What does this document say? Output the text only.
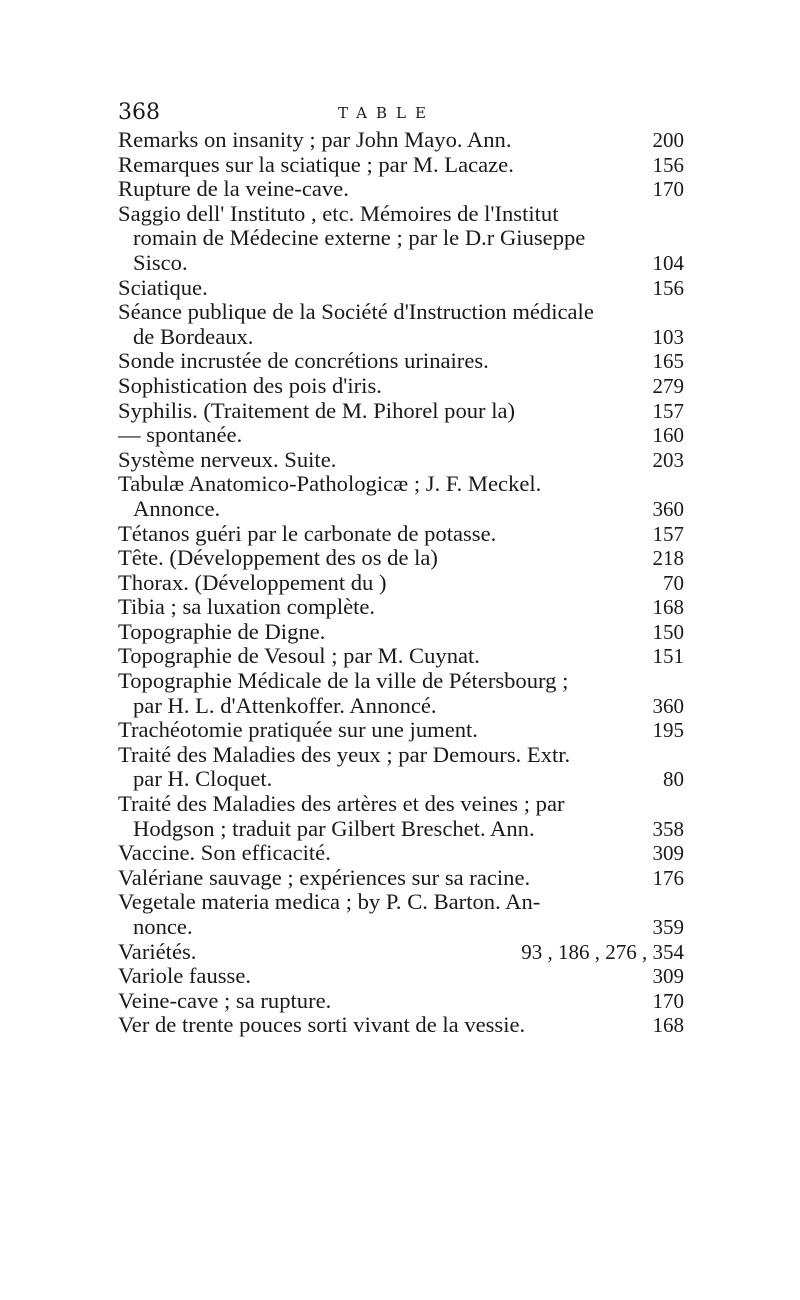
368	TABLE
Remarks on insanity ; par John Mayo. Ann.	200
Remarques sur la sciatique ; par M. Lacaze.	156
Rupture de la veine-cave.	170
Saggio dell' Instituto , etc. Mémoires de l'Institut
romain de Médecine externe ; par le D.r Giuseppe
Sisco.	104
Sciatique.	156
Séance publique de la Société d'Instruction médicale
de Bordeaux.	103
Sonde incrustée de concrétions urinaires.	165
Sophistication des pois d'iris.	279
Syphilis. (Traitement de M. Pihorel pour la)	157
— spontanée.	160
Système nerveux. Suite.	203
Tabulæ Anatomico-Pathologicæ ; J. F. Meckel.
Annonce.	360
Tétanos guéri par le carbonate de potasse.	157
Tête. (Développement des os de la)	218
Thorax. (Développement du )	70
Tibia ; sa luxation complète.	168
Topographie de Digne.	150
Topographie de Vesoul ; par M. Cuynat.	151
Topographie Médicale de la ville de Pétersbourg ;
par H. L. d'Attenkoffer. Annoncé.	360
Trachéotomie pratiquée sur une jument.	195
Traité des Maladies des yeux ; par Demours. Extr.
par H. Cloquet.	80
Traité des Maladies des artères et des veines ; par
Hodgson ; traduit par Gilbert Breschet. Ann.	358
Vaccine. Son efficacité.	309
Valériane sauvage ; expériences sur sa racine.	176
Vegetale materia medica ; by P. C. Barton. An-
nonce.	359
Variétés.	93 , 186 , 276 , 354
Variole fausse.	309
Veine-cave ; sa rupture.	170
Ver de trente pouces sorti vivant de la vessie.	168
